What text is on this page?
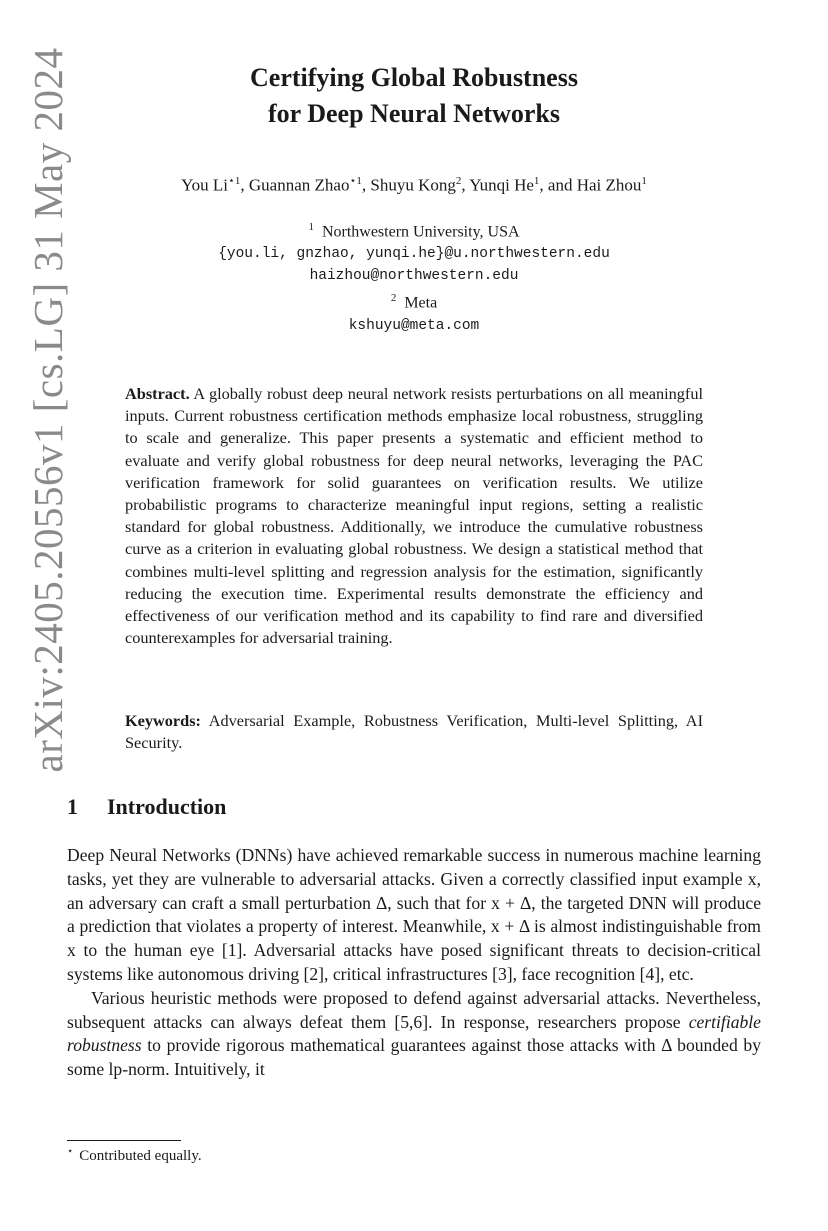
arXiv:2405.20556v1 [cs.LG] 31 May 2024	Certifying Global Robustness
for Deep Neural Networks
You $Li^{⋆1}$, Guannan Zhao$^{⋆1}$, Shuyu Kong$^2$, Yunqi He$^1$, and Hai Zhou$^1$
$^1$ Northwestern University, USA
{you.li, gnzhao, yunqi.he}@u.northwestern.edu
haizhou@northwestern.edu
$^2$ Meta
kshuyu@meta.com
Abstract. A globally robust deep neural network resists perturbations on all meaningful inputs. Current robustness certification methods emphasize local robustness, struggling to scale and generalize. This paper presents a systematic and efficient method to evaluate and verify global robustness for deep neural networks, leveraging the PAC verification framework for solid guarantees on verification results. We utilize probabilistic programs to characterize meaningful input regions, setting a realistic standard for global robustness. Additionally, we introduce the cumulative robustness curve as a criterion in evaluating global robustness. We design a statistical method that combines multi-level splitting and regression analysis for the estimation, significantly reducing the execution time. Experimental results demonstrate the efficiency and effectiveness of our verification method and its capability to find rare and diversified counterexamples for adversarial training.
Keywords: Adversarial Example, Robustness Verification, Multi-level Splitting, AI Security.
1 Introduction

Deep Neural Networks (DNNs) have achieved remarkable success in numerous machine learning tasks, yet they are vulnerable to adversarial attacks. Given a correctly classified input example x, an adversary can craft a small perturbation Δ, such that for x + Δ, the targeted DNN will produce a prediction that violates a property of interest. Meanwhile, x + Δ is almost indistinguishable from x to the human eye [1]. Adversarial attacks have posed significant threats to decision-critical systems like autonomous driving [2], critical infrastructures [3], face recognition [4], etc.

Various heuristic methods were proposed to defend against adversarial attacks. Nevertheless, subsequent attacks can always defeat them [5,6]. In response, researchers propose certifiable robustness to provide rigorous mathematical guarantees against those attacks with Δ bounded by some lp-norm. Intuitively, it

⋆ Contributed equally.
